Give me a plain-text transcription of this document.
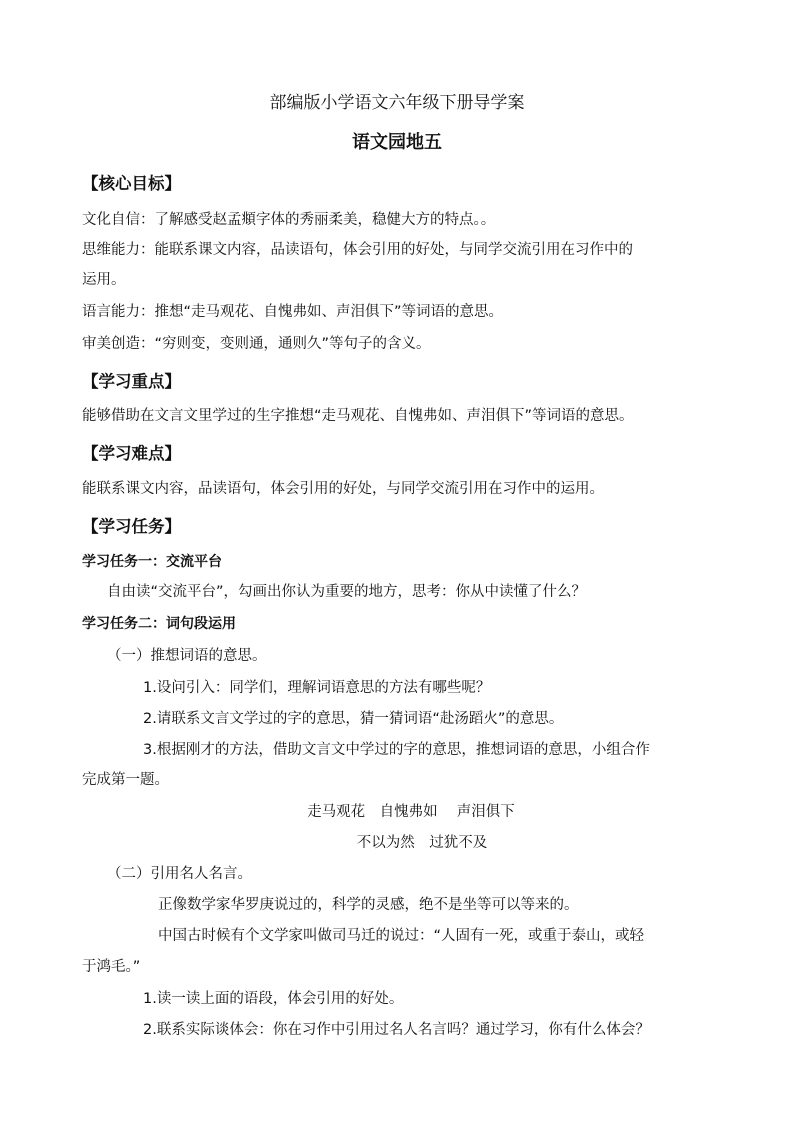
部编版小学语文六年级下册导学案
语文园地五
【核心目标】
文化自信：了解感受赵孟頫字体的秀丽柔美，稳健大方的特点。。
思维能力：能联系课文内容，品读语句，体会引用的好处，与同学交流引用在习作中的
运用。
语言能力：推想“走马观花、自愧弗如、声泪俱下”等词语的意思。
审美创造：“穷则变，变则通，通则久”等句子的含义。
【学习重点】
能够借助在文言文里学过的生字推想“走马观花、自愧弗如、声泪俱下”等词语的意思。
【学习难点】
能联系课文内容，品读语句，体会引用的好处，与同学交流引用在习作中的运用。
【学习任务】
学习任务一：交流平台
自由读“交流平台”，勾画出你认为重要的地方，思考：你从中读懂了什么？
学习任务二：词句段运用
（一）推想词语的意思。
1.设问引入：同学们，理解词语意思的方法有哪些呢？
2.请联系文言文学过的字的意思，猜一猜词语“赴汤蹈火”的意思。
3.根据刚才的方法，借助文言文中学过的字的意思，推想词语的意思，小组合作
完成第一题。
走马观花　自愧弗如　 声泪俱下
不以为然　过犹不及
（二）引用名人名言。
正像数学家华罗庚说过的，科学的灵感，绝不是坐等可以等来的。
中国古时候有个文学家叫做司马迁的说过：“人固有一死，或重于泰山，或轻
于鸿毛。”
1.读一读上面的语段，体会引用的好处。
2.联系实际谈体会：你在习作中引用过名人名言吗？通过学习，你有什么体会？
